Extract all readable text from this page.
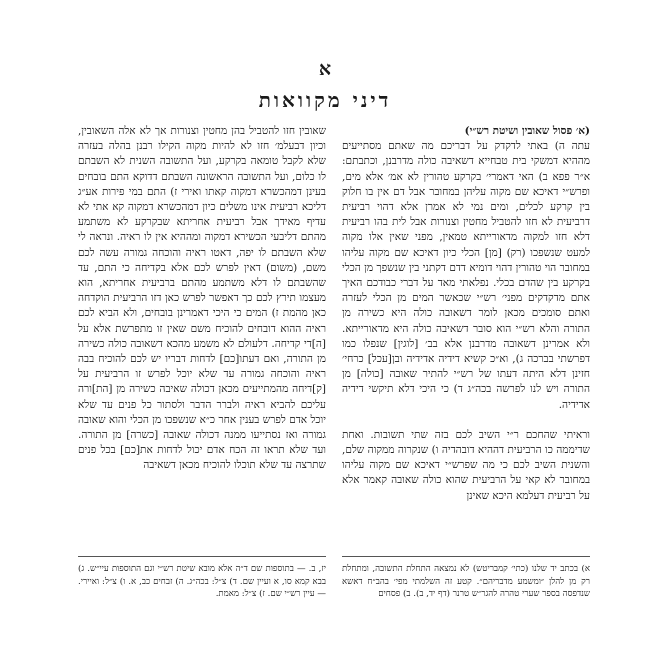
א
דיני מקוואות

(א׳ פסול שאובין ושיטת רש״י)

עתה ה) באתי לדקדק על דבריכם מה שאתם מסתייעים מההיא דמשקי בית טבחייא דשאיבה כולה מדרבנן, וכתבתם: א״ר פפא ב) האי דאמרי׳ בקרקע טהורין לא אמ׳ אלא מים, ופרש״י דאיכא שם מקוה עליהן במחובר אבל דם אין בו חלוק בין קרקע לכלים, ומים נמי לא אמרן אלא דהוי רביעית דרביעית לא חזו להטביל מחטין וצנורות אבל לית בהו רביעית דלא חזו למקוה מדאורייתא טמאין, מפני שאין אלו מקוה למעט שנשפכו (רק) [מן] הכלי כיון דאיכא שם מקוה עליהו במחובר הוי טהורין דהוי דומיא דדם דקתני בין שנשפך מן הכלי בקרקע בין שהדם בכלי. נפלאתי מאד על דברי כבודכם האיך אתם מדקדקים מפני׳ רש״י שכאשר המים מן הכלי לעזרה ואתם סומכים מכאן לומר דשאובה כולה היא כשירה מן התורה והלא רש״י הוא סובר דשאיבה כולה היא מדאורייתא. ולא אמרינן דשאובה מדרבנן אלא בב׳ [לוגין] שנפלו כמו דפרשתי בברכה ג), וא״כ קשיא דידיה אדידיה ובן[עכל] כרחי׳ חזינן דלא היתה דעתו של רש״י להתיר שאובה [כולה] מן התורה ויש לנו לפרשה בכה״ג ד) כי היכי דלא תיקשי דידיה אדידיה.

וראיתי שהחכם ר״י השיב לכם בזה שתי תשובות. ואחת שדיממה כו הרביעית דההיא דובהדיה ו) שנקרוה ממקוה שלם, והשנית השיב לכם כי מה שפרש״י דאיכא שם מקוה עליהו במחובר לא קאי על הרביעית שהוא כולה שאובה קאמר אלא על רביעית דעלמא היכא שאינן

שאובין חזו להטביל בהן מחטין וצנורות אך לא אלה השאובין, וכיון דבעלמ׳ חזו לא להיות מקוה הקילו רבנן בהלה בעזרה שלא לקבל טומאה בקרקע, ועל התשובה השנית לא השבתם לו כלום, ועל התשובה הראשונה השבתם דדוקא התם בובחים בעינן דמהכשרא דמקוה קאתו ואירי ז) התם במי פירות אע״ג דליכא רביעית אינו משלים כיון דמהכשרא דמקוה קא אתי לא עדיף מאידך אבל רביעית אחריתא שבקרקע לא משתמע מהתם דליבעי הכשירא דמקוה ומההיא אין לו ראיה. ונראה לי שלא השבתם לו יפה, דאטו ראיה והוכחה גמורה עשה לכם משם, (משום) דאין לפרש לכם אלא בקדיחה כי התם, עד שהשבתם לו דלא משתמע מהתם ברביעית אחריתא, הוא מעצמו תירץ לכם כך דאפשר לפרש כאן דזו הרביעית הוקדחה כאן מהמת ז) המים כי היכי דאמרינן בובחים, ולא הביא לכם ראיה ההוא דובחים להוכיח משם שאין זו מתפרשת אלא על [ה]די קדיחה. דלעולם לא משמע מהכא דשאובה כולה כשירה מן התורה, ואם דעתו[כם] לדחות דבריו יש לכם להוכיח בבה ראיה והוכחה גמורה עד שלא יוכל לפרש זו הרביעית על [ק]דיחה מהמתייעים מכאן דכולה שאיבה כשירה מן [הת]ורה עליכם להביא ראיה ולברר הדבר ולסתור כל פנים עד שלא יוכל אדם לפרש בענין אחר כ״א שנשפכו מן הכלי והוא שאובה גמורה ואז נסתייעו ממנה דכולה שאובה [כשרה] מן התורה. ועד שלא תראו זה הכח אדם יכול לדחות את[כם] בכל פנים שתרצה עד שלא תוכלו להוכיח מכאן דשאיבה

א) בכתב יד שלנו (כתי׳ קמבריטש) לא נמצאה התחלת התשובה, ומתחלת רק מן להלן ״ומשמע מדבריהם״. קטע זה השלמתי מפי׳ בהב״ח דאשא שנדפסה בספר שערי טהרה להגר״ש טרנר (דף יד, ב). ב) פסחים
יז, ב. — בתוספות שם ד״ה אלא מובא שיטת רש״י וגם התוספות עיי״ש. ג) בבא קמא סו, א ועיין שם. ד) צ״ל: בכה״ג. ה) זבחים כב, א. ו) צ״ל: ואיירי. — עיין רש״י שם. ז) צ״ל: מאמת.
